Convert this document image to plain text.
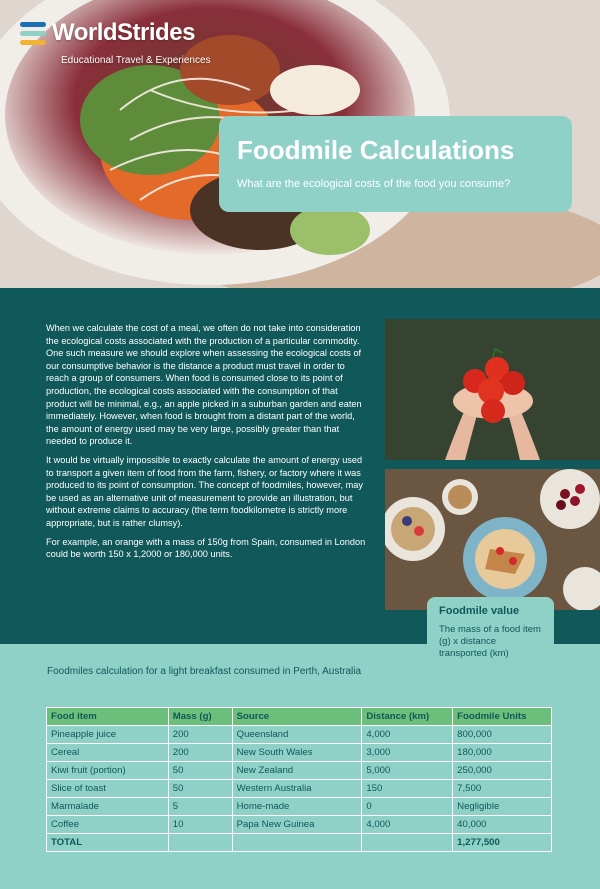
WorldStrides
Educational Travel & Experiences
Foodmile Calculations

What are the ecological costs of the food you consume?

When we calculate the cost of a meal, we often do not take into consideration the ecological costs associated with the production of a particular commodity. One such measure we should explore when assessing the ecological costs of our consumptive behavior is the distance a product must travel in order to reach a group of consumers. When food is consumed close to its point of production, the ecological costs associated with the consumption of that product will be minimal, e.g., an apple picked in a suburban garden and eaten immediately. However, when food is brought from a distant part of the world, the amount of energy used may be very large, possibly greater than that needed to produce it.

It would be virtually impossible to exactly calculate the amount of energy used to transport a given item of food from the farm, fishery, or factory where it was produced to its point of consumption. The concept of foodmiles, however, may be used as an alternative unit of measurement to provide an illustration, but without extreme claims to accuracy (the term foodkilometre is strictly more appropriate, but is rather clumsy).

For example, an orange with a mass of 150g from Spain, consumed in London could be worth 150 x 1,2000 or 180,000 units.

Foodmile value
The mass of a food item (g) x distance transported (km)
Foodmiles calculation for a light breakfast consumed in Perth, Australia
Food item	Mass (g)	Source	Distance (km)	Foodmile Units
Pineapple juice	200	Queensland	4,000	800,000
Cereal	200	New South Wales	3,000	180,000
Kiwi fruit (portion)	50	New Zealand	5,000	250,000
Slice of toast	50	Western Australia	150	7,500
Marmalade	5	Home-made	0	Negligible
Coffee	10	Papa New Guinea	4,000	40,000
TOTAL				1,277,500
